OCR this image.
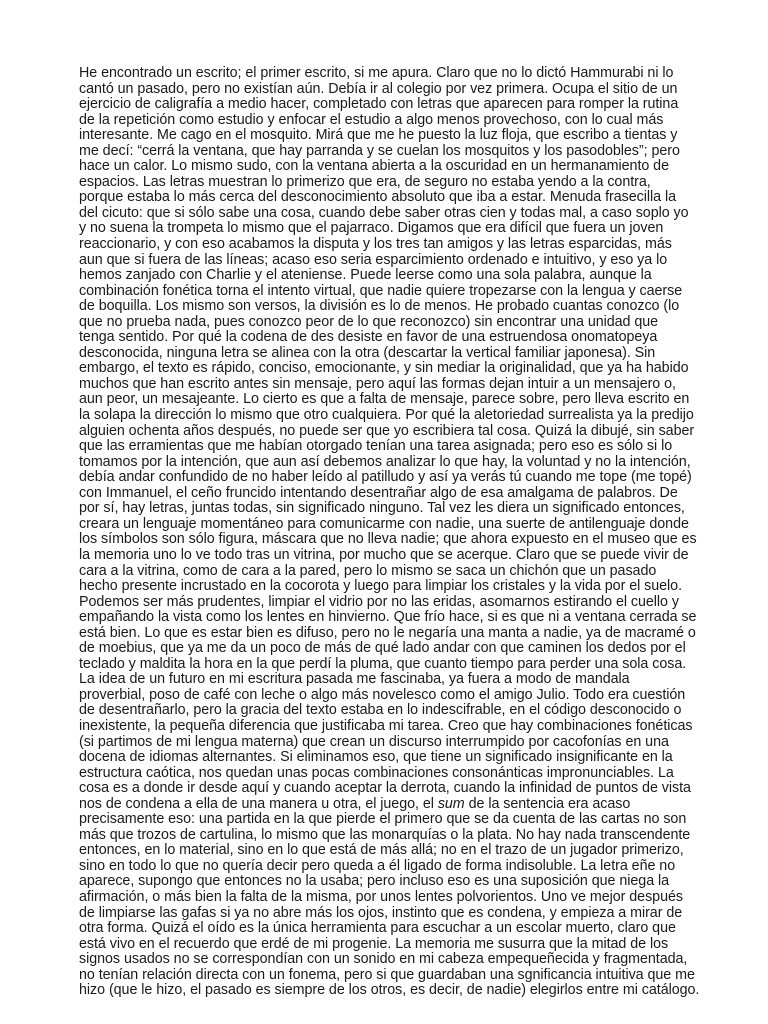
He encontrado un escrito; el primer escrito, si me apura. Claro que no lo dictó Hammurabi ni lo
cantó un pasado, pero no existían aún. Debía ir al colegio por vez primera. Ocupa el sitio de un
ejercicio de caligrafía a medio hacer, completado con letras que aparecen para romper la rutina
de la repetición como estudio y enfocar el estudio a algo menos provechoso, con lo cual más
interesante. Me cago en el mosquito. Mirá que me he puesto la luz floja, que escribo a tientas y
me decí: “cerrá la ventana, que hay parranda y se cuelan los mosquitos y los pasodobles”; pero
hace un calor. Lo mismo sudo, con la ventana abierta a la oscuridad en un hermanamiento de
espacios. Las letras muestran lo primerizo que era, de seguro no estaba yendo a la contra,
porque estaba lo más cerca del desconocimiento absoluto que iba a estar. Menuda frasecilla la
del cicuto: que si sólo sabe una cosa, cuando debe saber otras cien y todas mal, a caso soplo yo
y no suena la trompeta lo mismo que el pajarraco. Digamos que era difícil que fuera un joven
reaccionario, y con eso acabamos la disputa y los tres tan amigos y las letras esparcidas, más
aun que si fuera de las líneas; acaso eso seria esparcimiento ordenado e intuitivo, y eso ya lo
hemos zanjado con Charlie y el ateniense. Puede leerse como una sola palabra, aunque la
combinación fonética torna el intento virtual, que nadie quiere tropezarse con la lengua y caerse
de boquilla. Los mismo son versos, la división es lo de menos. He probado cuantas conozco (lo
que no prueba nada, pues conozco peor de lo que reconozco) sin encontrar una unidad que
tenga sentido. Por qué la codena de des desiste en favor de una estruendosa onomatopeya
desconocida, ninguna letra se alinea con la otra (descartar la vertical familiar japonesa). Sin
embargo, el texto es rápido, conciso, emocionante, y sin mediar la originalidad, que ya ha habido
muchos que han escrito antes sin mensaje, pero aquí las formas dejan intuir a un mensajero o,
aun peor, un mesajeante. Lo cierto es que a falta de mensaje, parece sobre, pero lleva escrito en
la solapa la dirección lo mismo que otro cualquiera. Por qué la aletoriedad surrealista ya la predijo
alguien ochenta años después, no puede ser que yo escribiera tal cosa. Quizá la dibujé, sin saber
que las erramientas que me habían otorgado tenían una tarea asignada; pero eso es sólo si lo
tomamos por la intención, que aun así debemos analizar lo que hay, la voluntad y no la intención,
debía andar confundido de no haber leído al patilludo y así ya verás tú cuando me tope (me topé)
con Immanuel, el ceño fruncido intentando desentrañar algo de esa amalgama de palabros. De
por sí, hay letras, juntas todas, sin significado ninguno. Tal vez les diera un significado entonces,
creara un lenguaje momentáneo para comunicarme con nadie, una suerte de antilenguaje donde
los símbolos son sólo figura, máscara que no lleva nadie; que ahora expuesto en el museo que es
la memoria uno lo ve todo tras un vitrina, por mucho que se acerque. Claro que se puede vivir de
cara a la vitrina, como de cara a la pared, pero lo mismo se saca un chichón que un pasado
hecho presente incrustado en la cocorota y luego para limpiar los cristales y la vida por el suelo.
Podemos ser más prudentes, limpiar el vidrio por no las eridas, asomarnos estirando el cuello y
empañando la vista como los lentes en hinvierno. Que frío hace, si es que ni a ventana cerrada se
está bien. Lo que es estar bien es difuso, pero no le negaría una manta a nadie, ya de macramé o
de moebius, que ya me da un poco de más de qué lado andar con que caminen los dedos por el
teclado y maldita la hora en la que perdí la pluma, que cuanto tiempo para perder una sola cosa.
La idea de un futuro en mi escritura pasada me fascinaba, ya fuera a modo de mandala
proverbial, poso de café con leche o algo más novelesco como el amigo Julio. Todo era cuestión
de desentrañarlo, pero la gracia del texto estaba en lo indescifrable, en el código desconocido o
inexistente, la pequeña diferencia que justificaba mi tarea. Creo que hay combinaciones fonéticas
(si partimos de mi lengua materna) que crean un discurso interrumpido por cacofonías en una
docena de idiomas alternantes. Si eliminamos eso, que tiene un significado insignificante en la
estructura caótica, nos quedan unas pocas combinaciones consonánticas impronunciables. La
cosa es a donde ir desde aquí y cuando aceptar la derrota, cuando la infinidad de puntos de vista
nos de condena a ella de una manera u otra, el juego, el sum de la sentencia era acaso
precisamente eso: una partida en la que pierde el primero que se da cuenta de las cartas no son
más que trozos de cartulina, lo mismo que las monarquías o la plata. No hay nada transcendente
entonces, en lo material, sino en lo que está de más allá; no en el trazo de un jugador primerizo,
sino en todo lo que no quería decir pero queda a él ligado de forma indisoluble. La letra eñe no
aparece, supongo que entonces no la usaba; pero incluso eso es una suposición que niega la
afirmación, o más bien la falta de la misma, por unos lentes polvorientos. Uno ve mejor después
de limpiarse las gafas si ya no abre más los ojos, instinto que es condena, y empieza a mirar de
otra forma. Quizá el oído es la única herramienta para escuchar a un escolar muerto, claro que
está vivo en el recuerdo que erdé de mi progenie. La memoria me susurra que la mitad de los
signos usados no se correspondían con un sonido en mi cabeza empequeñecida y fragmentada,
no tenían relación directa con un fonema, pero si que guardaban una sgnificancia intuitiva que me
hizo (que le hizo, el pasado es siempre de los otros, es decir, de nadie) elegirlos entre mi catálogo.
